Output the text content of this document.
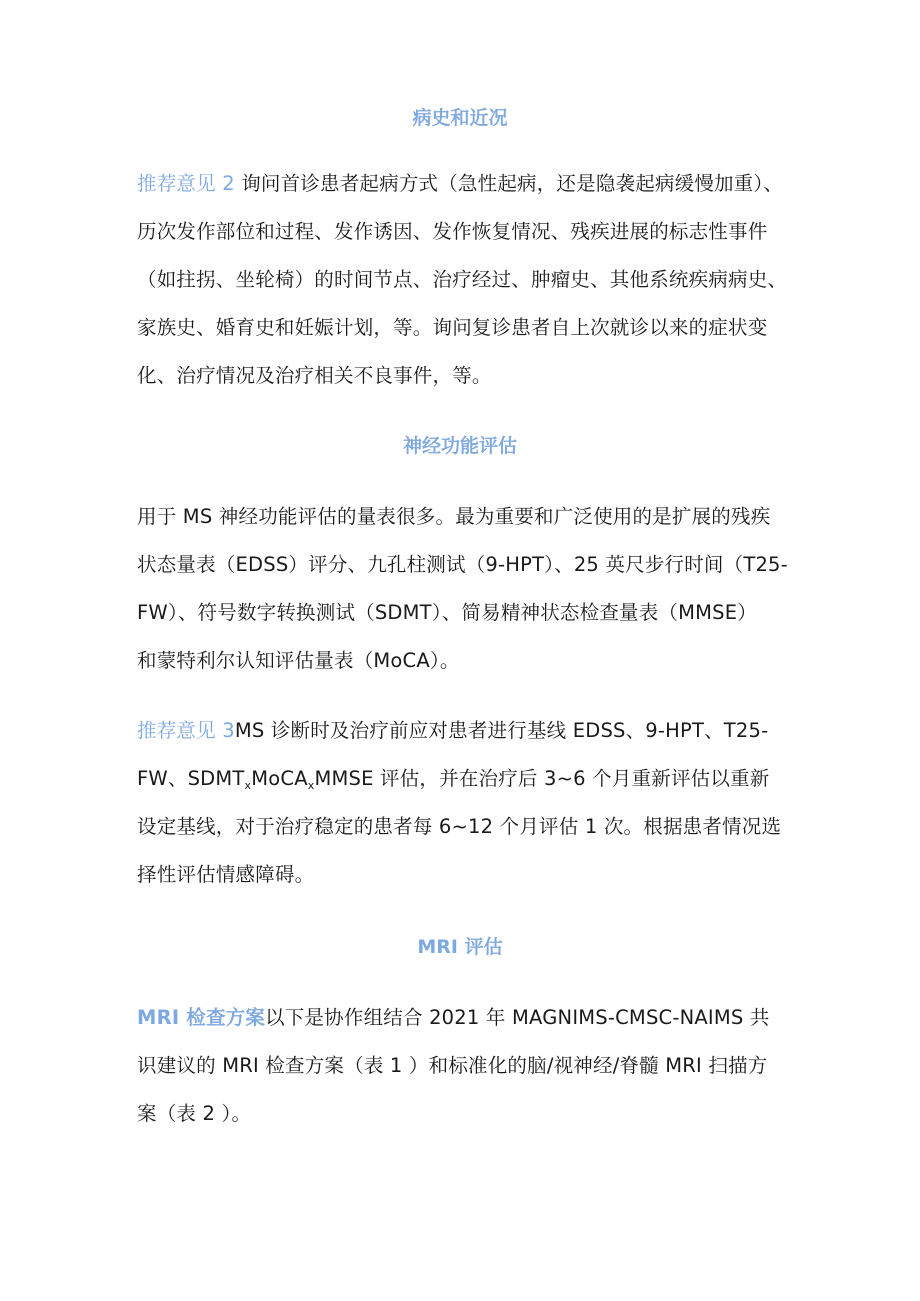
病史和近况
推荐意见 2 询问首诊患者起病方式（急性起病，还是隐袭起病缓慢加重）、
历次发作部位和过程、发作诱因、发作恢复情况、残疾进展的标志性事件
（如拄拐、坐轮椅）的时间节点、治疗经过、肿瘤史、其他系统疾病病史、
家族史、婚育史和妊娠计划，等。询问复诊患者自上次就诊以来的症状变
化、治疗情况及治疗相关不良事件，等。
神经功能评估
用于 MS 神经功能评估的量表很多。最为重要和广泛使用的是扩展的残疾
状态量表（EDSS）评分、九孔柱测试（9-HPT）、25 英尺步行时间（T25-
FW）、符号数字转换测试（SDMT）、简易精神状态检查量表（MMSE）
和蒙特利尔认知评估量表（MoCA）。
推荐意见 3MS 诊断时及治疗前应对患者进行基线 EDSS、9-HPT、T25-
FW、$SDMT_xMoCA_xMMSE$ 评估，并在治疗后 3~6 个月重新评估以重新
设定基线，对于治疗稳定的患者每 6~12 个月评估 1 次。根据患者情况选
择性评估情感障碍。
MRI 评估
MRI 检查方案以下是协作组结合 2021 年 MAGNIMS-CMSC-NAIMS 共
识建议的 MRI 检查方案（表 1 ）和标准化的脑/视神经/脊髓 MRI 扫描方
案（表 2 ）。
